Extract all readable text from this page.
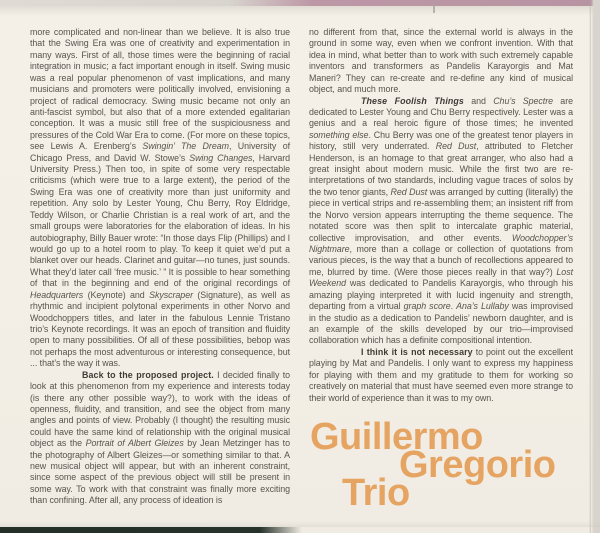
more complicated and non-linear than we believe. It is also true that the Swing Era was one of creativity and experimentation in many ways. First of all, those times were the beginning of racial integration in music; a fact important enough in itself. Swing music was a real popular phenomenon of vast implications, and many musicians and promoters were politically involved, envisioning a project of radical democracy. Swing music became not only an anti-fascist symbol, but also that of a more extended egalitarian conception. It was a music still free of the suspiciousness and pressures of the Cold War Era to come. (For more on these topics, see Lewis A. Erenberg’s Swingin’ The Dream, University of Chicago Press, and David W. Stowe’s Swing Changes, Harvard University Press.) Then too, in spite of some very respectable criticisms (which were true to a large extent), the period of the Swing Era was one of creativity more than just uniformity and repetition. Any solo by Lester Young, Chu Berry, Roy Eldridge, Teddy Wilson, or Charlie Christian is a real work of art, and the small groups were laboratories for the elaboration of ideas. In his autobiography, Billy Bauer wrote: “In those days Flip (Phillips) and I would go up to a hotel room to play. To keep it quiet we’d put a blanket over our heads. Clarinet and guitar—no tunes, just sounds. What they’d later call ‘free music.’ ” It is possible to hear something of that in the beginning and end of the original recordings of Headquarters (Keynote) and Skyscraper (Signature), as well as rhythmic and incipient polytonal experiments in other Norvo and Woodchoppers titles, and later in the fabulous Lennie Tristano trio’s Keynote recordings. It was an epoch of transition and fluidity open to many possibilities. Of all of these possibilities, bebop was not perhaps the most adventurous or interesting consequence, but ... that’s the way it was.

Back to the proposed project. I decided finally to look at this phenomenon from my experience and interests today (is there any other possible way?), to work with the ideas of openness, fluidity, and transition, and see the object from many angles and points of view. Probably (I thought) the resulting music could have the same kind of relationship with the original musical object as the Portrait of Albert Gleizes by Jean Metzinger has to the photography of Albert Gleizes—or something similar to that. A new musical object will appear, but with an inherent constraint, since some aspect of the previous object will still be present in some way. To work with that constraint was finally more exciting than confining. After all, any process of ideation is

no different from that, since the external world is always in the ground in some way, even when we confront invention. With that idea in mind, what better than to work with such extremely capable inventors and transformers as Pandelis Karayorgis and Mat Maneri? They can re-create and re-define any kind of musical object, and much more.

These Foolish Things and Chu’s Spectre are dedicated to Lester Young and Chu Berry respectively. Lester was a genius and a real heroic figure of those times; he invented something else. Chu Berry was one of the greatest tenor players in history, still very underrated. Red Dust, attributed to Fletcher Henderson, is an homage to that great arranger, who also had a great insight about modern music. While the first two are re-interpretations of two standards, including vague traces of solos by the two tenor giants, Red Dust was arranged by cutting (literally) the piece in vertical strips and re-assembling them; an insistent riff from the Norvo version appears interrupting the theme sequence. The notated score was then split to intercalate graphic material, collective improvisation, and other events. Woodchopper’s Nightmare, more than a collage or collection of quotations from various pieces, is the way that a bunch of recollections appeared to me, blurred by time. (Were those pieces really in that way?) Lost Weekend was dedicated to Pandelis Karayorgis, who through his amazing playing interpreted it with lucid ingenuity and strength, departing from a virtual graph score. Ana’s Lullaby was improvised in the studio as a dedication to Pandelis’ newborn daughter, and is an example of the skills developed by our trio—improvised collaboration which has a definite compositional intention.

I think it is not necessary to point out the excellent playing by Mat and Pandelis. I only want to express my happiness for playing with them and my gratitude to them for working so creatively on material that must have seemed even more strange to their world of experience than it was to my own.

Guillermo
Gregorio
Trio
